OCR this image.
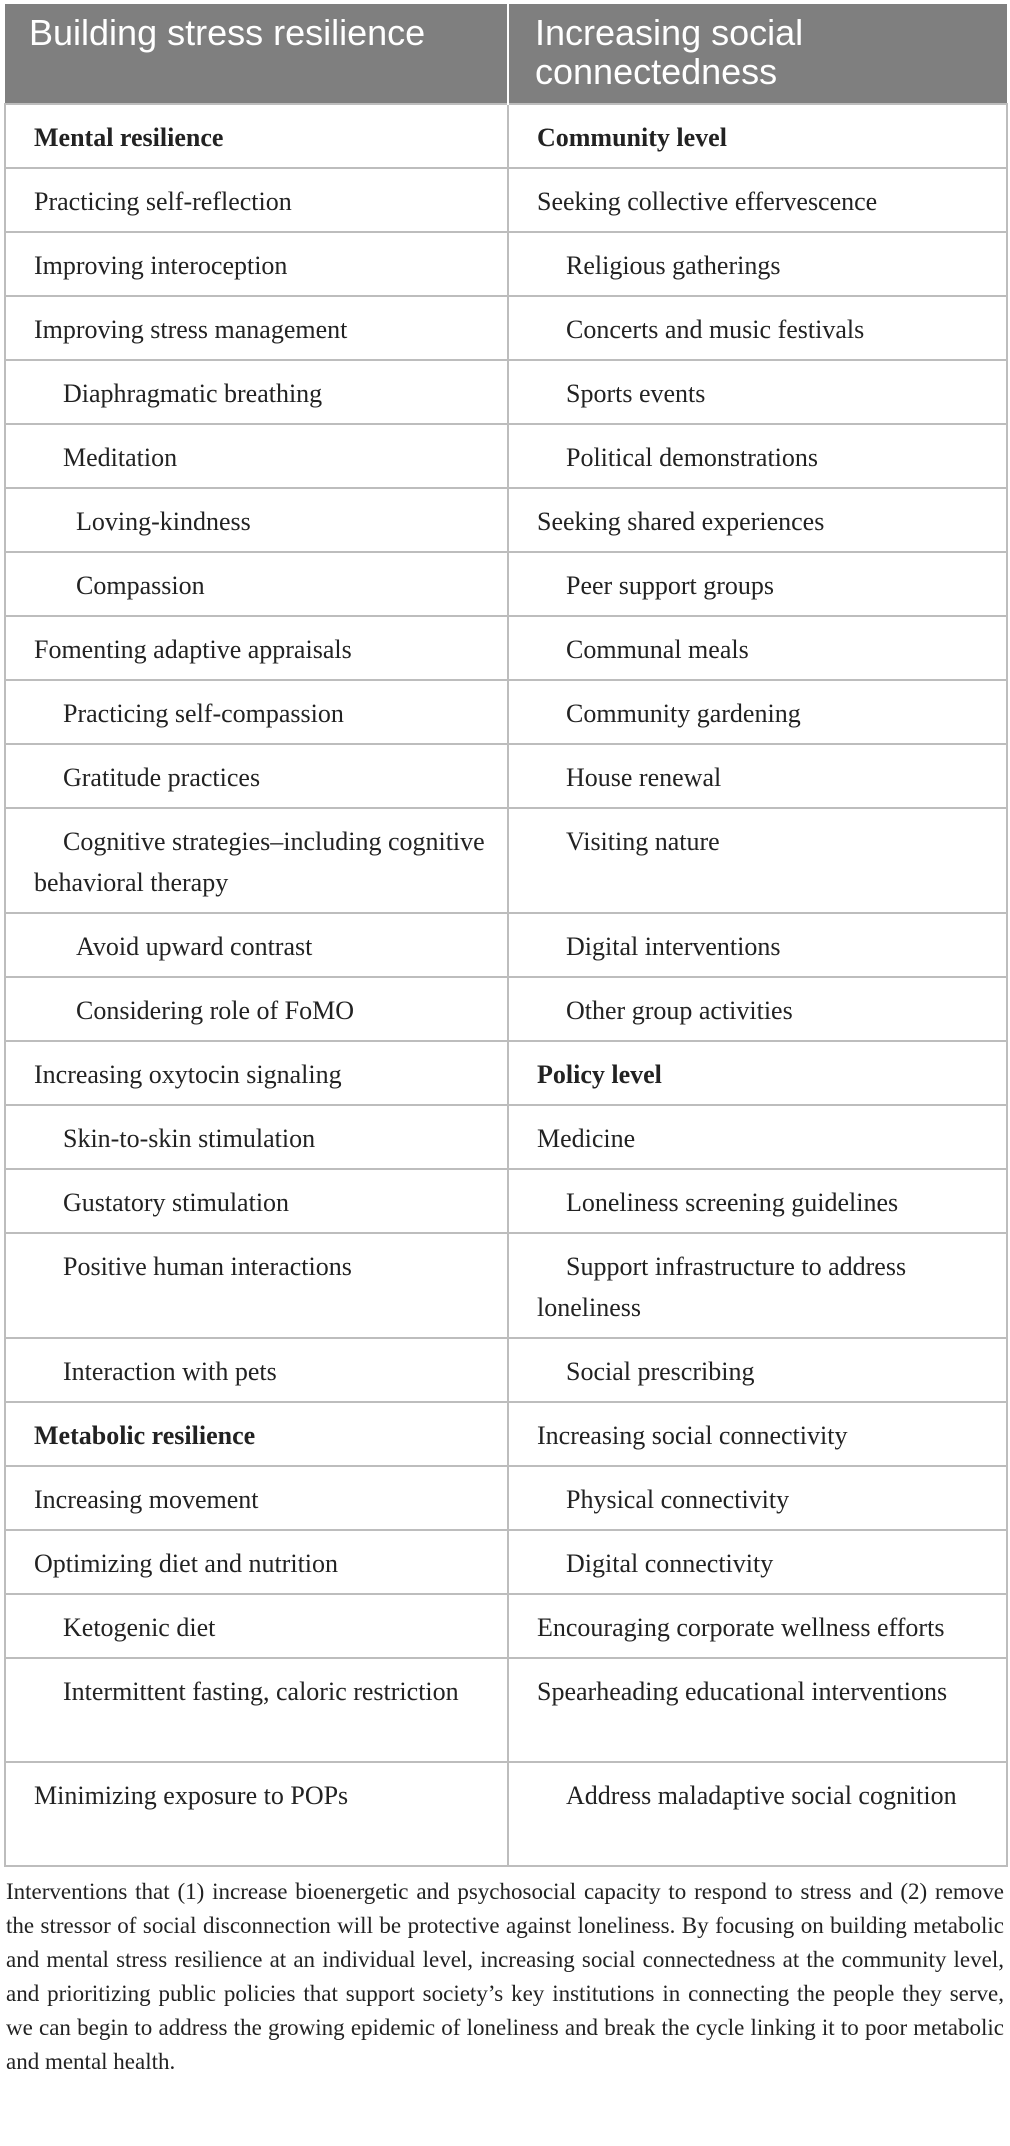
Building stress resilience	Increasing social connectedness
Mental resilience	Community level
Practicing self-reflection	Seeking collective effervescence
Improving interoception	Religious gatherings
Improving stress management	Concerts and music festivals
Diaphragmatic breathing	Sports events
Meditation	Political demonstrations
Loving-kindness	Seeking shared experiences
Compassion	Peer support groups
Fomenting adaptive appraisals	Communal meals
Practicing self-compassion	Community gardening
Gratitude practices	House renewal
Cognitive strategies–including cognitive behavioral therapy	Visiting nature
Avoid upward contrast	Digital interventions
Considering role of FoMO	Other group activities
Increasing oxytocin signaling	Policy level
Skin-to-skin stimulation	Medicine
Gustatory stimulation	Loneliness screening guidelines
Positive human interactions	Support infrastructure to address loneliness
Interaction with pets	Social prescribing
Metabolic resilience	Increasing social connectivity
Increasing movement	Physical connectivity
Optimizing diet and nutrition	Digital connectivity
Ketogenic diet	Encouraging corporate wellness efforts
Intermittent fasting, caloric restriction	Spearheading educational interventions
Minimizing exposure to POPs	Address maladaptive social cognition

Interventions that (1) increase bioenergetic and psychosocial capacity to respond to stress and (2) remove the stressor of social disconnection will be protective against loneliness. By focusing on building metabolic and mental stress resilience at an individual level, increasing social connectedness at the community level, and prioritizing public policies that support society’s key institutions in connecting the people they serve, we can begin to address the growing epidemic of loneliness and break the cycle linking it to poor metabolic and mental health.
